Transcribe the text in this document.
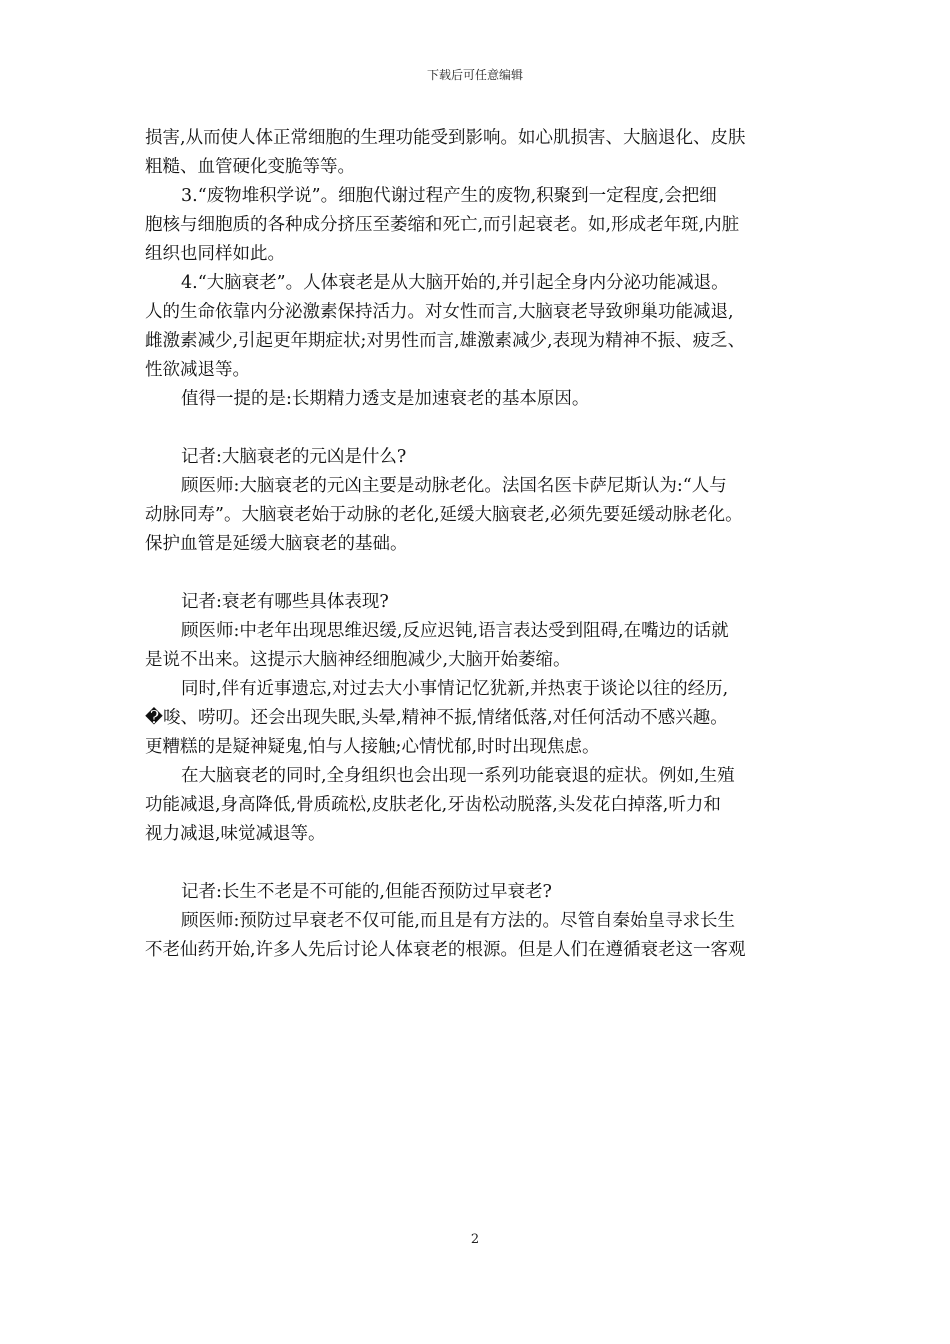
下载后可任意编辑
损害,从而使人体正常细胞的生理功能受到影响。如心肌损害、大脑退化、皮肤
粗糙、血管硬化变脆等等。
3.“废物堆积学说”。细胞代谢过程产生的废物,积聚到一定程度,会把细
胞核与细胞质的各种成分挤压至萎缩和死亡,而引起衰老。如,形成老年斑,内脏
组织也同样如此。
4.“大脑衰老”。人体衰老是从大脑开始的,并引起全身内分泌功能减退。
人的生命依靠内分泌激素保持活力。对女性而言,大脑衰老导致卵巢功能减退,
雌激素减少,引起更年期症状;对男性而言,雄激素减少,表现为精神不振、疲乏、
性欲减退等。
值得一提的是:长期精力透支是加速衰老的基本原因。
记者:大脑衰老的元凶是什么?
顾医师:大脑衰老的元凶主要是动脉老化。法国名医卡萨尼斯认为:“人与
动脉同寿”。大脑衰老始于动脉的老化,延缓大脑衰老,必须先要延缓动脉老化。
保护血管是延缓大脑衰老的基础。
记者:衰老有哪些具体表现?
顾医师:中老年出现思维迟缓,反应迟钝,语言表达受到阻碍,在嘴边的话就
是说不出来。这提示大脑神经细胞减少,大脑开始萎缩。
同时,伴有近事遗忘,对过去大小事情记忆犹新,并热衷于谈论以往的经历,
�唆、唠叨。还会出现失眠,头晕,精神不振,情绪低落,对任何活动不感兴趣。
更糟糕的是疑神疑鬼,怕与人接触;心情忧郁,时时出现焦虑。
在大脑衰老的同时,全身组织也会出现一系列功能衰退的症状。例如,生殖
功能减退,身高降低,骨质疏松,皮肤老化,牙齿松动脱落,头发花白掉落,听力和
视力减退,味觉减退等。
记者:长生不老是不可能的,但能否预防过早衰老?
顾医师:预防过早衰老不仅可能,而且是有方法的。尽管自秦始皇寻求长生
不老仙药开始,许多人先后讨论人体衰老的根源。但是人们在遵循衰老这一客观
2
